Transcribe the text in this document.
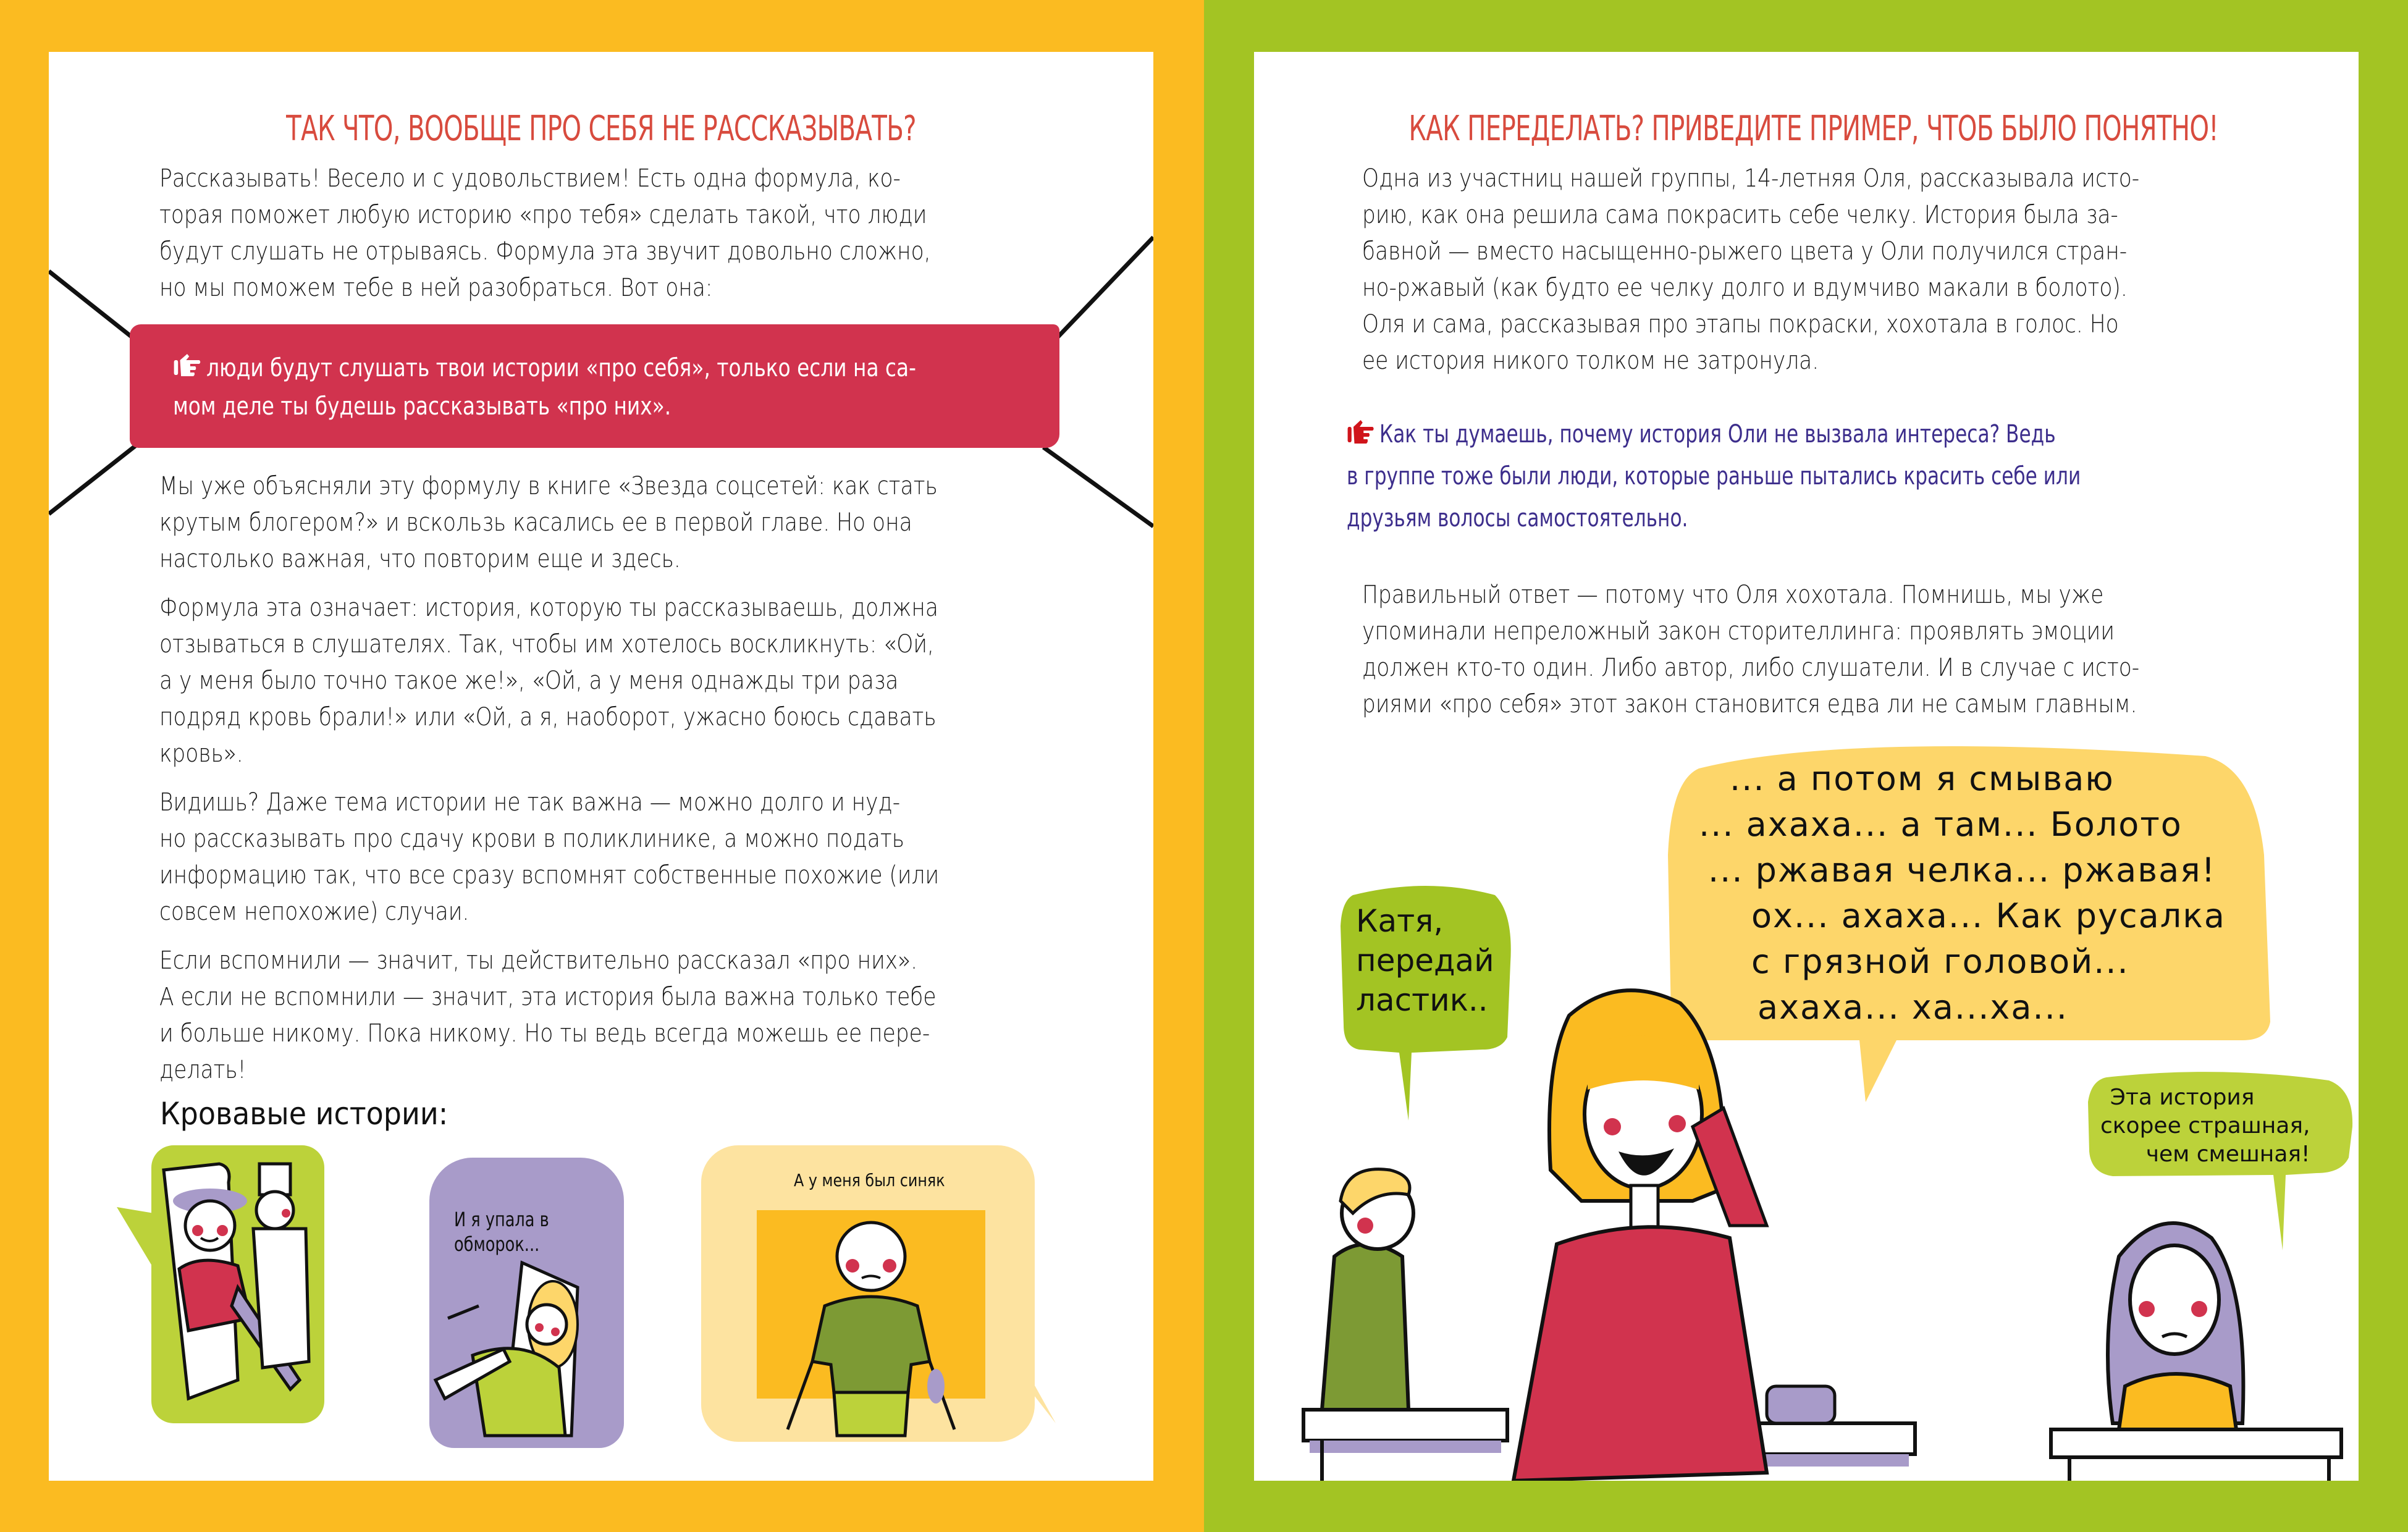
ТАК ЧТО, ВООБЩЕ ПРО СЕБЯ НЕ РАССКАЗЫВАТЬ?
Рассказывать! Весело и с удовольствием! Есть одна формула, ко-
торая поможет любую историю «про тебя» сделать такой, что люди
будут слушать не отрываясь. Формула эта звучит довольно сложно,
но мы поможем тебе в ней разобраться. Вот она:
люди будут слушать твои истории «про себя», только если на са-
мом деле ты будешь рассказывать «про них».

Мы уже объясняли эту формулу в книге «Звезда соцсетей: как стать
крутым блогером?» и вскользь касались ее в первой главе. Но она
настолько важная, что повторим еще и здесь.

Формула эта означает: история, которую ты рассказываешь, должна
отзываться в слушателях. Так, чтобы им хотелось воскликнуть: «Ой,
а у меня было точно такое же!», «Ой, а у меня однажды три раза
подряд кровь брали!» или «Ой, а я, наоборот, ужасно боюсь сдавать
кровь».

Видишь? Даже тема истории не так важна — можно долго и нуд-
но рассказывать про сдачу крови в поликлинике, а можно подать
информацию так, что все сразу вспомнят собственные похожие (или
совсем непохожие) случаи.

Если вспомнили — значит, ты действительно рассказал «про них».
А если не вспомнили — значит, эта история была важна только тебе
и больше никому. Пока никому. Но ты ведь всегда можешь ее пере-
делать!

Кровавые истории:
И я упала в
обморок...
А у меня был синяк
КАК ПЕРЕДЕЛАТЬ? ПРИВЕДИТЕ ПРИМЕР, ЧТОБ БЫЛО ПОНЯТНО!
Одна из участниц нашей группы, 14-летняя Оля, рассказывала исто-
рию, как она решила сама покрасить себе челку. История была за-
бавной — вместо насыщенно-рыжего цвета у Оли получился стран-
но-ржавый (как будто ее челку долго и вдумчиво макали в болото).
Оля и сама, рассказывая про этапы покраски, хохотала в голос. Но
ее история никого толком не затронула.
Как ты думаешь, почему история Оли не вызвала интереса? Ведь
в группе тоже были люди, которые раньше пытались красить себе или
друзьям волосы самостоятельно.
Правильный ответ — потому что Оля хохотала. Помнишь, мы уже
упоминали непреложный закон сторителлинга: проявлять эмоции
должен кто-то один. Либо автор, либо слушатели. И в случае с исто-
риями «про себя» этот закон становится едва ли не самым главным.
... а потом я смываю
... ахаха... а там... Болото
... ржавая челка... ржавая!
ох... ахаха... Как русалка
с грязной головой...
ахаха... ха...ха...
Катя,
передай
ластик..
Эта история
скорее страшная,
чем смешная!
